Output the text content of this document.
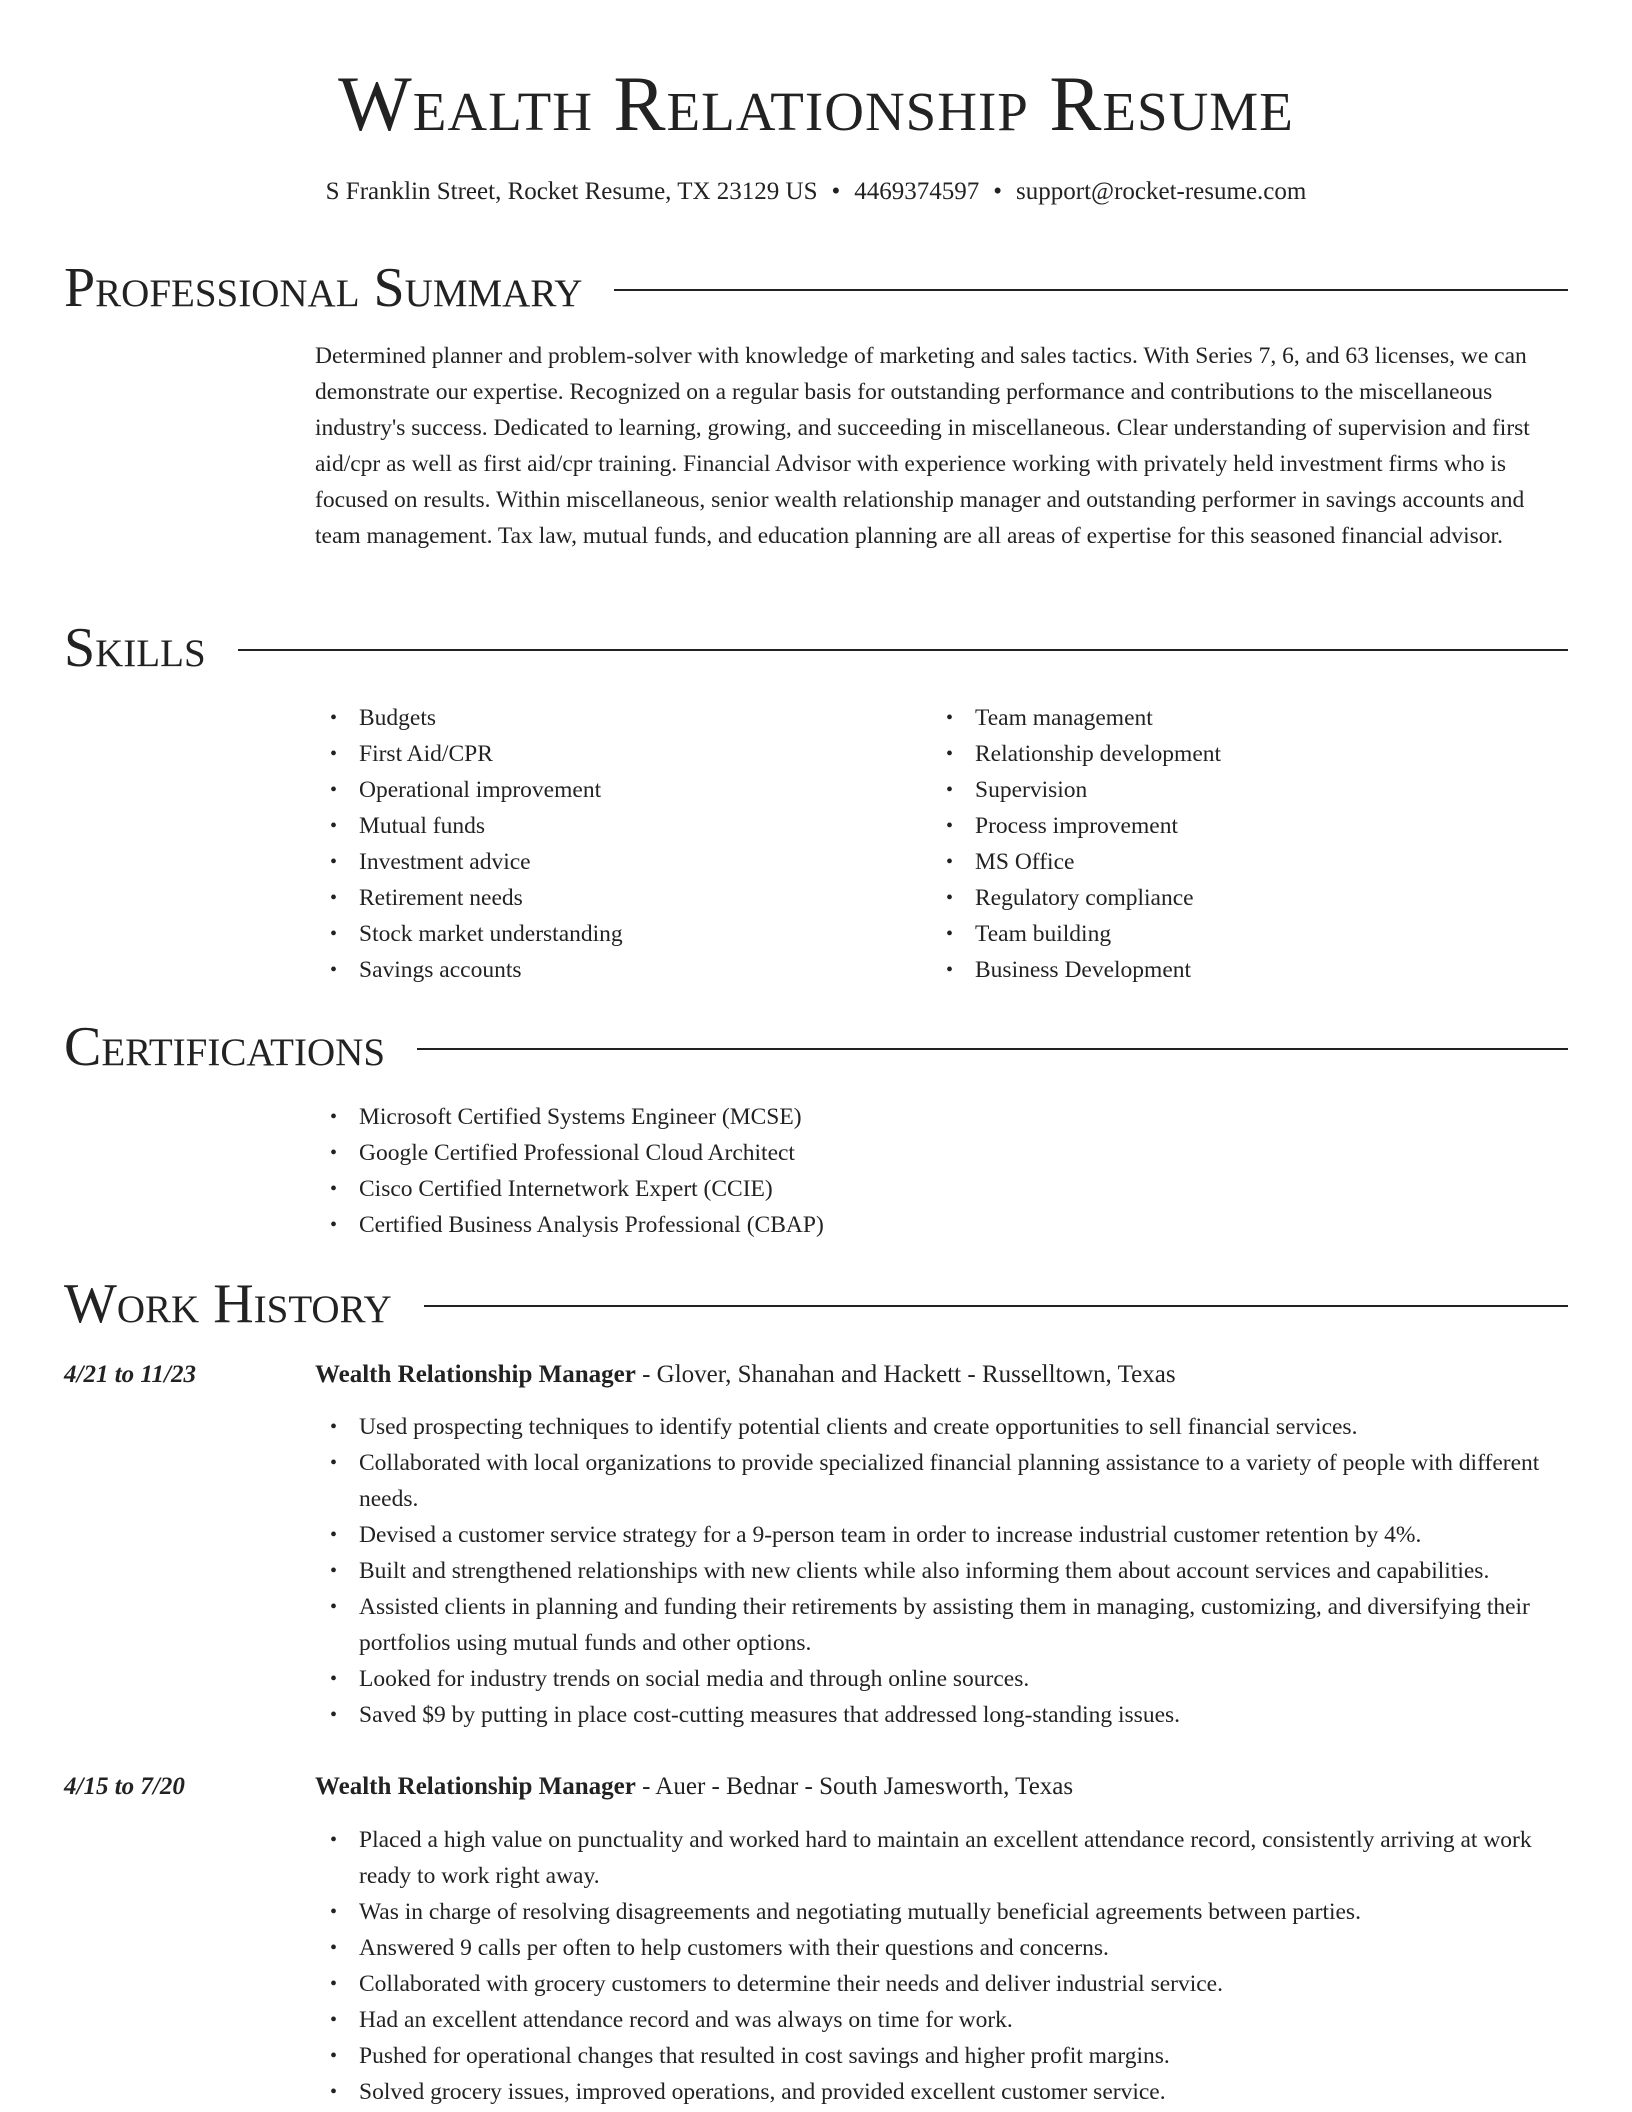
Wealth Relationship Resume
S Franklin Street, Rocket Resume, TX 23129 US • 4469374597 • support@rocket-resume.com
Professional Summary

Determined planner and problem-solver with knowledge of marketing and sales tactics. With Series 7, 6, and 63 licenses, we can demonstrate our expertise. Recognized on a regular basis for outstanding performance and contributions to the miscellaneous industry's success. Dedicated to learning, growing, and succeeding in miscellaneous. Clear understanding of supervision and first aid/cpr as well as first aid/cpr training. Financial Advisor with experience working with privately held investment firms who is focused on results. Within miscellaneous, senior wealth relationship manager and outstanding performer in savings accounts and team management. Tax law, mutual funds, and education planning are all areas of expertise for this seasoned financial advisor.

Skills
• Budgets
• First Aid/CPR
• Operational improvement
• Mutual funds
• Investment advice
• Retirement needs
• Stock market understanding
• Savings accounts
• Team management
• Relationship development
• Supervision
• Process improvement
• MS Office
• Regulatory compliance
• Team building
• Business Development
Certifications
• Microsoft Certified Systems Engineer (MCSE)
• Google Certified Professional Cloud Architect
• Cisco Certified Internetwork Expert (CCIE)
• Certified Business Analysis Professional (CBAP)
Work History
4/21 to 11/23	Wealth Relationship Manager - Glover, Shanahan and Hackett - Russelltown, Texas
• Used prospecting techniques to identify potential clients and create opportunities to sell financial services.
• Collaborated with local organizations to provide specialized financial planning assistance to a variety of people with different needs.
• Devised a customer service strategy for a 9-person team in order to increase industrial customer retention by 4%.
• Built and strengthened relationships with new clients while also informing them about account services and capabilities.
• Assisted clients in planning and funding their retirements by assisting them in managing, customizing, and diversifying their portfolios using mutual funds and other options.
• Looked for industry trends on social media and through online sources.
• Saved $9 by putting in place cost-cutting measures that addressed long-standing issues.
4/15 to 7/20	Wealth Relationship Manager - Auer - Bednar - South Jamesworth, Texas
• Placed a high value on punctuality and worked hard to maintain an excellent attendance record, consistently arriving at work ready to work right away.
• Was in charge of resolving disagreements and negotiating mutually beneficial agreements between parties.
• Answered 9 calls per often to help customers with their questions and concerns.
• Collaborated with grocery customers to determine their needs and deliver industrial service.
• Had an excellent attendance record and was always on time for work.
• Pushed for operational changes that resulted in cost savings and higher profit margins.
• Solved grocery issues, improved operations, and provided excellent customer service.
